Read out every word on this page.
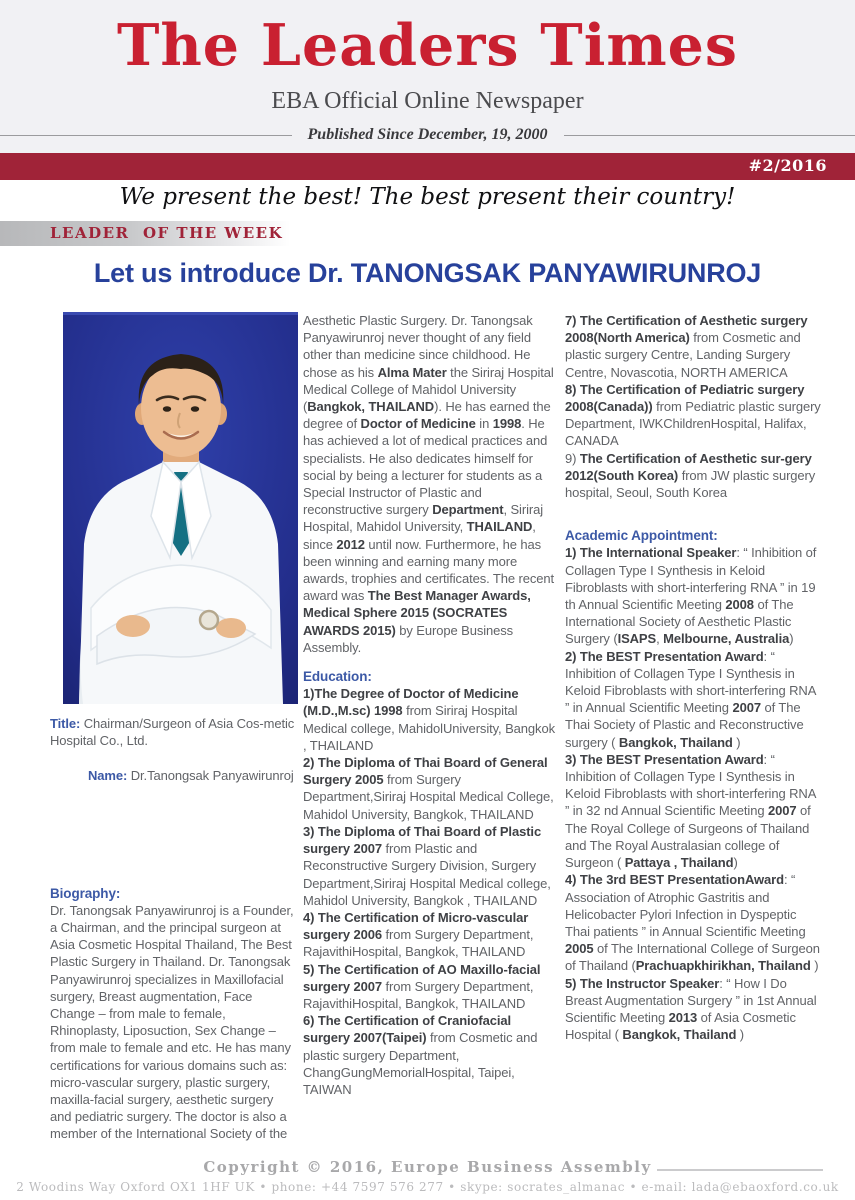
The Leaders Times
EBA Official Online Newspaper
Published Since December, 19, 2000
#2/2016
We present the best! The best present their country!
LEADER  OF THE WEEK
Let us introduce Dr. TANONGSAK PANYAWIRUNROJ
Title: Chairman/Surgeon of Asia Cos-metic Hospital Co., Ltd.
Name: Dr.Tanongsak Panyawirunroj
Biography:
Dr. Tanongsak Panyawirunroj is a Founder, a Chairman, and the principal surgeon at Asia Cosmetic Hospital Thailand, The Best Plastic Surgery in Thailand. Dr. Tanongsak Panyawirunroj specializes in Maxillofacial surgery, Breast augmentation, Face Change – from male to female, Rhinoplasty, Liposuction, Sex Change – from male to female and etc. He has many certifications for various domains such as: micro-vascular surgery, plastic surgery, maxilla-facial surgery, aesthetic surgery and pediatric surgery. The doctor is also a member of the International Society of the
Aesthetic Plastic Surgery. Dr. Tanongsak Panyawirunroj never thought of any field other than medicine since childhood. He chose as his Alma Mater the Siriraj Hospital Medical College of Mahidol University (Bangkok, THAILAND). He has earned the degree of Doctor of Medicine in 1998. He has achieved a lot of medical practices and specialists. He also dedicates himself for social by being a lecturer for students as a Special Instructor of Plastic and reconstructive surgery Department, Siriraj Hospital, Mahidol University, THAILAND, since 2012 until now. Furthermore, he has been winning and earning many more awards, trophies and certificates. The recent award was The Best Manager Awards, Medical Sphere 2015 (SOCRATES AWARDS 2015) by Europe Business Assembly.
Education:
1)The Degree of Doctor of Medicine (M.D.,M.sc) 1998 from Siriraj Hospital Medical college, MahidolUniversity, Bangkok , THAILAND
2) The Diploma of Thai Board of General Surgery 2005 from Surgery Department,Siriraj Hospital Medical College, Mahidol University, Bangkok, THAILAND
3) The Diploma of Thai Board of Plastic surgery 2007 from Plastic and Reconstructive Surgery Division, Surgery Department,Siriraj Hospital Medical college, Mahidol University, Bangkok , THAILAND
4) The Certification of Micro-vascular surgery 2006 from Surgery Department, RajavithiHospital, Bangkok, THAILAND
5) The Certification of AO Maxillo-facial surgery 2007 from Surgery Department, RajavithiHospital, Bangkok, THAILAND
6) The Certification of Craniofacial surgery 2007(Taipei) from Cosmetic and plastic surgery Department, ChangGungMemorialHospital, Taipei, TAIWAN
7) The Certification of Aesthetic surgery 2008(North America) from Cosmetic and plastic surgery Centre, Landing Surgery Centre, Novascotia, NORTH AMERICA
8) The Certification of Pediatric surgery 2008(Canada)) from Pediatric plastic surgery Department, IWKChildrenHospital, Halifax, CANADA
9) The Certification of Aesthetic sur-gery 2012(South Korea) from JW plastic surgery hospital, Seoul, South Korea
Academic Appointment:
1) The International Speaker: “ Inhibition of Collagen Type I Synthesis in Keloid Fibroblasts with short-interfering RNA ” in 19 th Annual Scientific Meeting 2008 of The International Society of Aesthetic Plastic Surgery (ISAPS, Melbourne, Australia)
2) The BEST Presentation Award: “ Inhibition of Collagen Type I Synthesis in Keloid Fibroblasts with short-interfering RNA ” in Annual Scientific Meeting 2007 of The Thai Society of Plastic and Reconstructive surgery ( Bangkok, Thailand )
3) The BEST Presentation Award: “ Inhibition of Collagen Type I Synthesis in Keloid Fibroblasts with short-interfering RNA ” in 32 nd Annual Scientific Meeting 2007 of The Royal College of Surgeons of Thailand and The Royal Australasian college of Surgeon ( Pattaya , Thailand)
4) The 3rd BEST PresentationAward: “ Association of Atrophic Gastritis and Helicobacter Pylori Infection in Dyspeptic Thai patients ” in Annual Scientific Meeting 2005 of The International College of Surgeon of Thailand (Prachuapkhirikhan, Thailand )
5) The Instructor Speaker: “ How I Do Breast Augmentation Surgery ” in 1st Annual Scientific Meeting 2013 of Asia Cosmetic Hospital ( Bangkok, Thailand )
Copyright © 2016, Europe Business Assembly
2 Woodins Way Oxford OX1 1HF UK • phone: +44 7597 576 277 • skype: socrates_almanac • e-mail: lada@ebaoxford.co.uk
